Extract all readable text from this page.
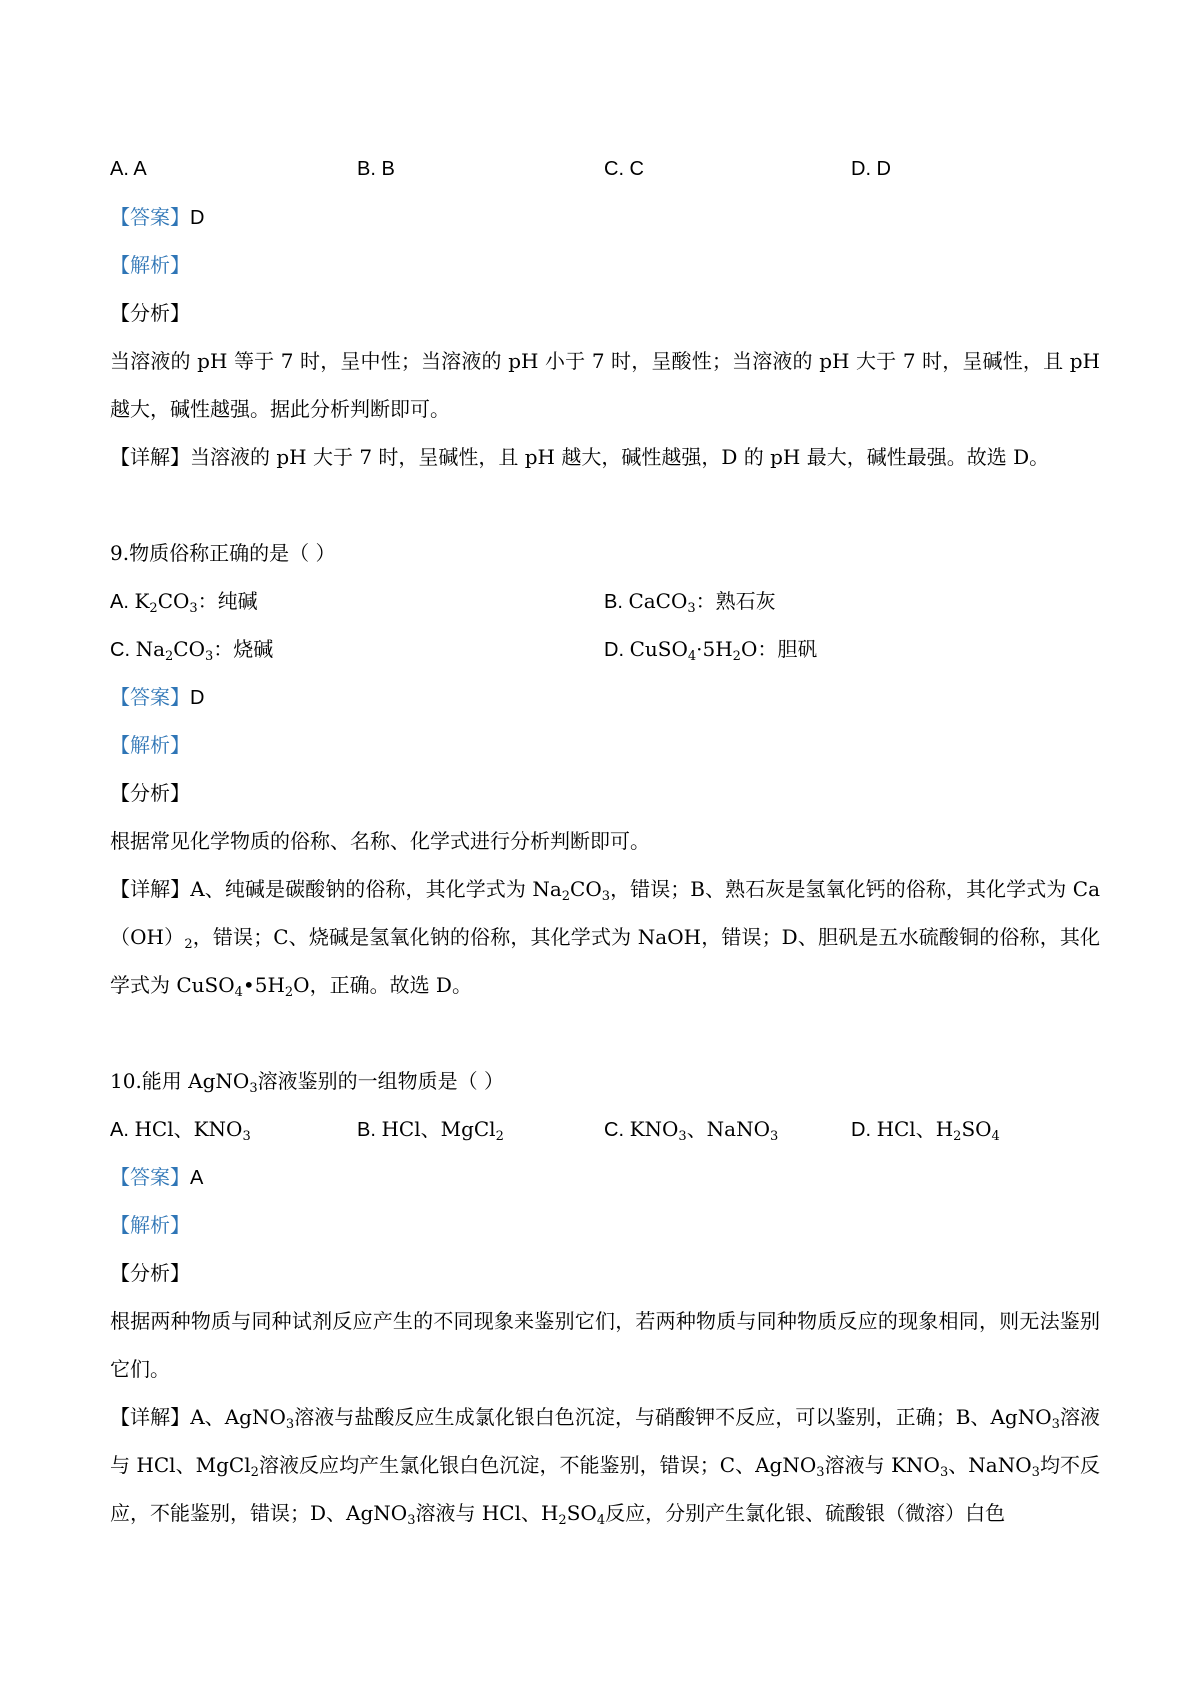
A. A	B. B	C. C	D. D
【答案】D
【解析】
【分析】
当溶液的 pH 等于 7 时，呈中性；当溶液的 pH 小于 7 时，呈酸性；当溶液的 pH 大于 7 时，呈碱性，且 pH 越大，碱性越强。据此分析判断即可。
【详解】当溶液的 pH 大于 7 时，呈碱性，且 pH 越大，碱性越强，D 的 pH 最大，碱性最强。故选 D。
9.物质俗称正确的是（ ）
A. $K_2CO_3$：纯碱	B. CaCO$_3$：熟石灰
C. $Na_2CO_3$：烧碱	D. $CuSO_4\cdot 5H_2O$：胆矾
【答案】D
【解析】
【分析】
根据常见化学物质的俗称、名称、化学式进行分析判断即可。
【详解】A、纯碱是碳酸钠的俗称，其化学式为 $Na_2CO_3$，错误；B、熟石灰是氢氧化钙的俗称，其化学式为 $Ca(OH)_2$，错误；C、烧碱是氢氧化钠的俗称，其化学式为 NaOH，错误；D、胆矾是五水硫酸铜的俗称，其化学式为 $CuSO_4•5H_2O$，正确。故选 D。
10.能用 AgNO$_3$溶液鉴别的一组物质是（ ）
A. HCl、$KNO_3$	B. HCl、MgCl$_2$	C. $KNO_3$、NaNO$_3$	D. HCl、$H_2SO_4$
【答案】A
【解析】
【分析】
根据两种物质与同种试剂反应产生的不同现象来鉴别它们，若两种物质与同种物质反应的现象相同，则无法鉴别它们。
【详解】A、AgNO$_3$溶液与盐酸反应生成氯化银白色沉淀，与硝酸钾不反应，可以鉴别，正确；B、AgNO$_3$溶液与 HCl、MgCl$_2$溶液反应均产生氯化银白色沉淀，不能鉴别，错误；C、AgNO$_3$溶液与 $KNO_3$、NaNO$_3$均不反应，不能鉴别，错误；D、AgNO$_3$溶液与 HCl、$H_2SO_4$反应，分别产生氯化银、硫酸银（微溶）白色
